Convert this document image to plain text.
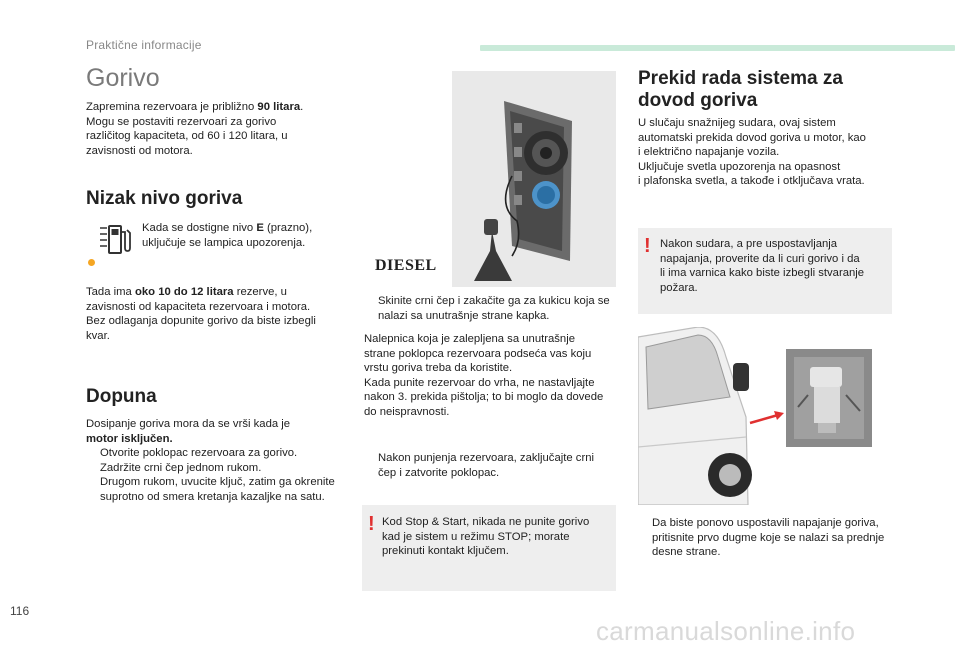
Praktične informacije
Gorivo
Zapremina rezervoara je približno 90 litara.
Mogu se postaviti rezervoari za gorivo
različitog kapaciteta, od 60 i 120 litara, u
zavisnosti od motora.
Nizak nivo goriva
Kada se dostigne nivo E (prazno),
uključuje se lampica upozorenja.
Tada ima oko 10 do 12 litara rezerve, u
zavisnosti od kapaciteta rezervoara i motora.
Bez odlaganja dopunite gorivo da biste izbegli
kvar.
Dopuna
Dosipanje goriva mora da se vrši kada je
motor isključen.
Otvorite poklopac rezervoara za gorivo.
Zadržite crni čep jednom rukom.
Drugom rukom, uvucite ključ, zatim ga okrenite suprotno od smera kretanja kazaljke na satu.
DIESEL
Skinite crni čep i zakačite ga za kukicu koja se nalazi sa unutrašnje strane kapka.
Nalepnica koja je zalepljena sa unutrašnje
strane poklopca rezervoara podseća vas koju
vrstu goriva treba da koristite.
Kada punite rezervoar do vrha, ne nastavljajte
nakon 3. prekida pištolja; to bi moglo da dovede
do neispravnosti.
Nakon punjenja rezervoara, zaključajte crni čep i zatvorite poklopac.
! Kod Stop & Start, nikada ne punite gorivo
kad je sistem u režimu STOP; morate
prekinuti kontakt ključem.
Prekid rada sistema za
dovod goriva
U slučaju snažnijeg sudara, ovaj sistem
automatski prekida dovod goriva u motor, kao
i električno napajanje vozila.
Uključuje svetla upozorenja na opasnost
i plafonska svetla, a takođe i otključava vrata.
! Nakon sudara, a pre uspostavljanja
napajanja, proverite da li curi gorivo i da
li ima varnica kako biste izbegli stvaranje
požara.
Da biste ponovo uspostavili napajanje goriva, pritisnite prvo dugme koje se nalazi sa prednje desne strane.
116
carmanualsonline.info
